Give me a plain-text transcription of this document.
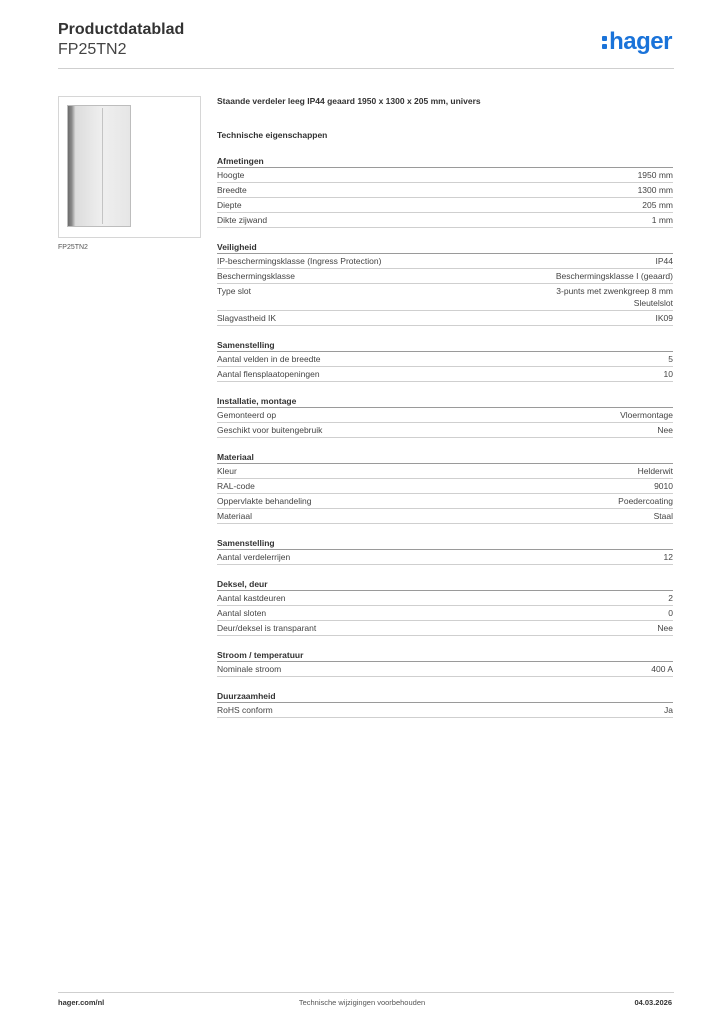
Productdatablad
FP25TN2	hager
FP25TN2
Staande verdeler leeg IP44 geaard 1950 x 1300 x 205 mm, univers
Technische eigenschappen
Afmetingen
Hoogte	1950 mm
Breedte	1300 mm
Diepte	205 mm
Dikte zijwand	1 mm
Veiligheid
IP-beschermingsklasse (Ingress Protection)	IP44
Beschermingsklasse	Beschermingsklasse I (geaard)
Type slot	3-punts met zwenkgreep 8 mm
Sleutelslot
Slagvastheid IK	IK09
Samenstelling
Aantal velden in de breedte	5
Aantal flensplaatopeningen	10
Installatie, montage
Gemonteerd op	Vloermontage
Geschikt voor buitengebruik	Nee
Materiaal
Kleur	Helderwit
RAL-code	9010
Oppervlakte behandeling	Poedercoating
Materiaal	Staal
Samenstelling
Aantal verdelerrijen	12
Deksel, deur
Aantal kastdeuren	2
Aantal sloten	0
Deur/deksel is transparant	Nee
Stroom / temperatuur
Nominale stroom	400 A
Duurzaamheid
RoHS conform	Ja
hager.com/nl	Technische wijzigingen voorbehouden	04.03.2026
